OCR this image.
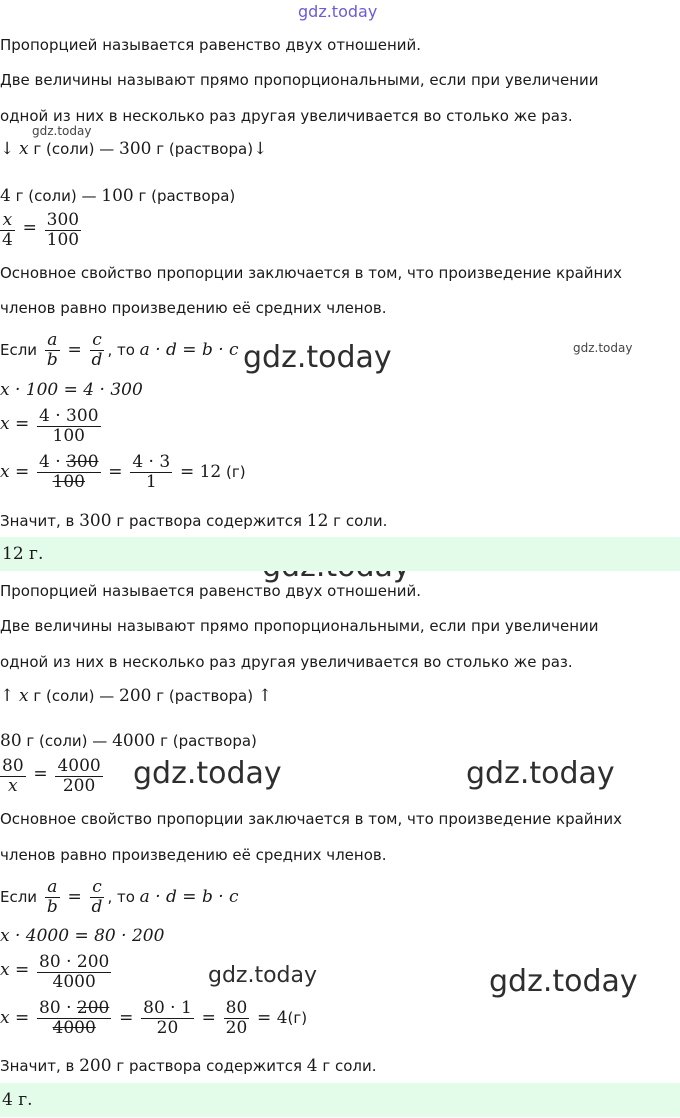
gdz.today
gdz.today
gdz.today
gdz.today
gdz.today	gdz.today
gdz.today	gdz.today
Пропорцией называется равенство двух отношений.
Две величины называют прямо пропорциональными, если при увеличении
одной из них в несколько раз другая увеличивается во столько же раз.
↓ x г (соли) — 300 г (раствора)↓
4 г (соли) — 100 г (раствора)
$\frac{x}{4} = \frac{300}{100}$
Основное свойство пропорции заключается в том, что произведение крайних
членов равно произведению её средних членов.
Если $\frac{a}{b} = \frac{c}{d}$ , то a · d = b · c
x · 100 = 4 · 300
$x = \frac{4 \cdot 300}{100}$
$x = \frac{4 \cdot 300}{100} = \frac{4 \cdot 3}{1} = 12$ (г)
Значит, в 300 г раствора содержится 12 г соли.
12 г.
Пропорцией называется равенство двух отношений.
Две величины называют прямо пропорциональными, если при увеличении
одной из них в несколько раз другая увеличивается во столько же раз.
↑ x г (соли) — 200 г (раствора) ↑
80 г (соли) — 4000 г (раствора)
$\frac{80}{x} = \frac{4000}{200}$
Основное свойство пропорции заключается в том, что произведение крайних
членов равно произведению её средних членов.
Если $\frac{a}{b} = \frac{c}{d}$ , то a · d = b · c
x · 4000 = 80 · 200
$x = \frac{80 \cdot 200}{4000}$
$x = \frac{80 \cdot 200}{4000} = \frac{80 \cdot 1}{20} = \frac{80}{20} = 4(г)$
Значит, в 200 г раствора содержится 4 г соли.
4 г.
